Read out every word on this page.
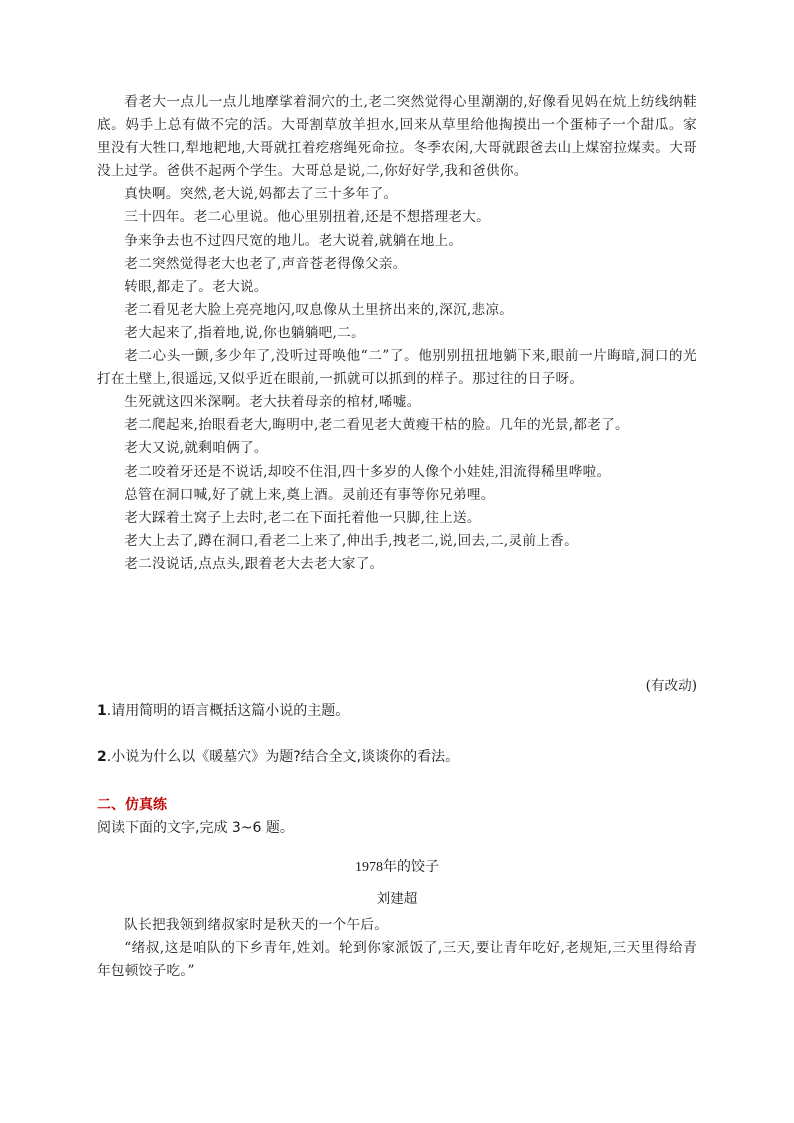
看老大一点儿一点儿地摩挲着洞穴的土,老二突然觉得心里潮潮的,好像看见妈在炕上纺线纳鞋底。妈手上总有做不完的活。大哥割草放羊担水,回来从草里给他掏摸出一个蛋柿子一个甜瓜。家里没有大牲口,犁地耙地,大哥就扛着疙瘩绳死命拉。冬季农闲,大哥就跟爸去山上煤窑拉煤卖。大哥没上过学。爸供不起两个学生。大哥总是说,二,你好好学,我和爸供你。

真快啊。突然,老大说,妈都去了三十多年了。

三十四年。老二心里说。他心里别扭着,还是不想搭理老大。

争来争去也不过四尺宽的地儿。老大说着,就躺在地上。

老二突然觉得老大也老了,声音苍老得像父亲。

转眼,都走了。老大说。

老二看见老大脸上亮亮地闪,叹息像从土里挤出来的,深沉,悲凉。

老大起来了,指着地,说,你也躺躺吧,二。

老二心头一颤,多少年了,没听过哥唤他“二”了。他别别扭扭地躺下来,眼前一片晦暗,洞口的光打在土壁上,很遥远,又似乎近在眼前,一抓就可以抓到的样子。那过往的日子呀。

生死就这四米深啊。老大扶着母亲的棺材,唏嘘。

老二爬起来,抬眼看老大,晦明中,老二看见老大黄瘦干枯的脸。几年的光景,都老了。

老大又说,就剩咱俩了。

老二咬着牙还是不说话,却咬不住泪,四十多岁的人像个小娃娃,泪流得稀里哗啦。

总管在洞口喊,好了就上来,奠上酒。灵前还有事等你兄弟哩。

老大踩着土窝子上去时,老二在下面托着他一只脚,往上送。

老大上去了,蹲在洞口,看老二上来了,伸出手,拽老二,说,回去,二,灵前上香。

老二没说话,点点头,跟着老大去老大家了。

(有改动)

1.请用简明的语言概括这篇小说的主题。

2.小说为什么以《暖墓穴》为题?结合全文,谈谈你的看法。

二、仿真练

阅读下面的文字,完成 3~6 题。

1978年的饺子

刘建超

队长把我领到绪叔家时是秋天的一个午后。

“绪叔,这是咱队的下乡青年,姓刘。轮到你家派饭了,三天,要让青年吃好,老规矩,三天里得给青年包顿饺子吃。”
